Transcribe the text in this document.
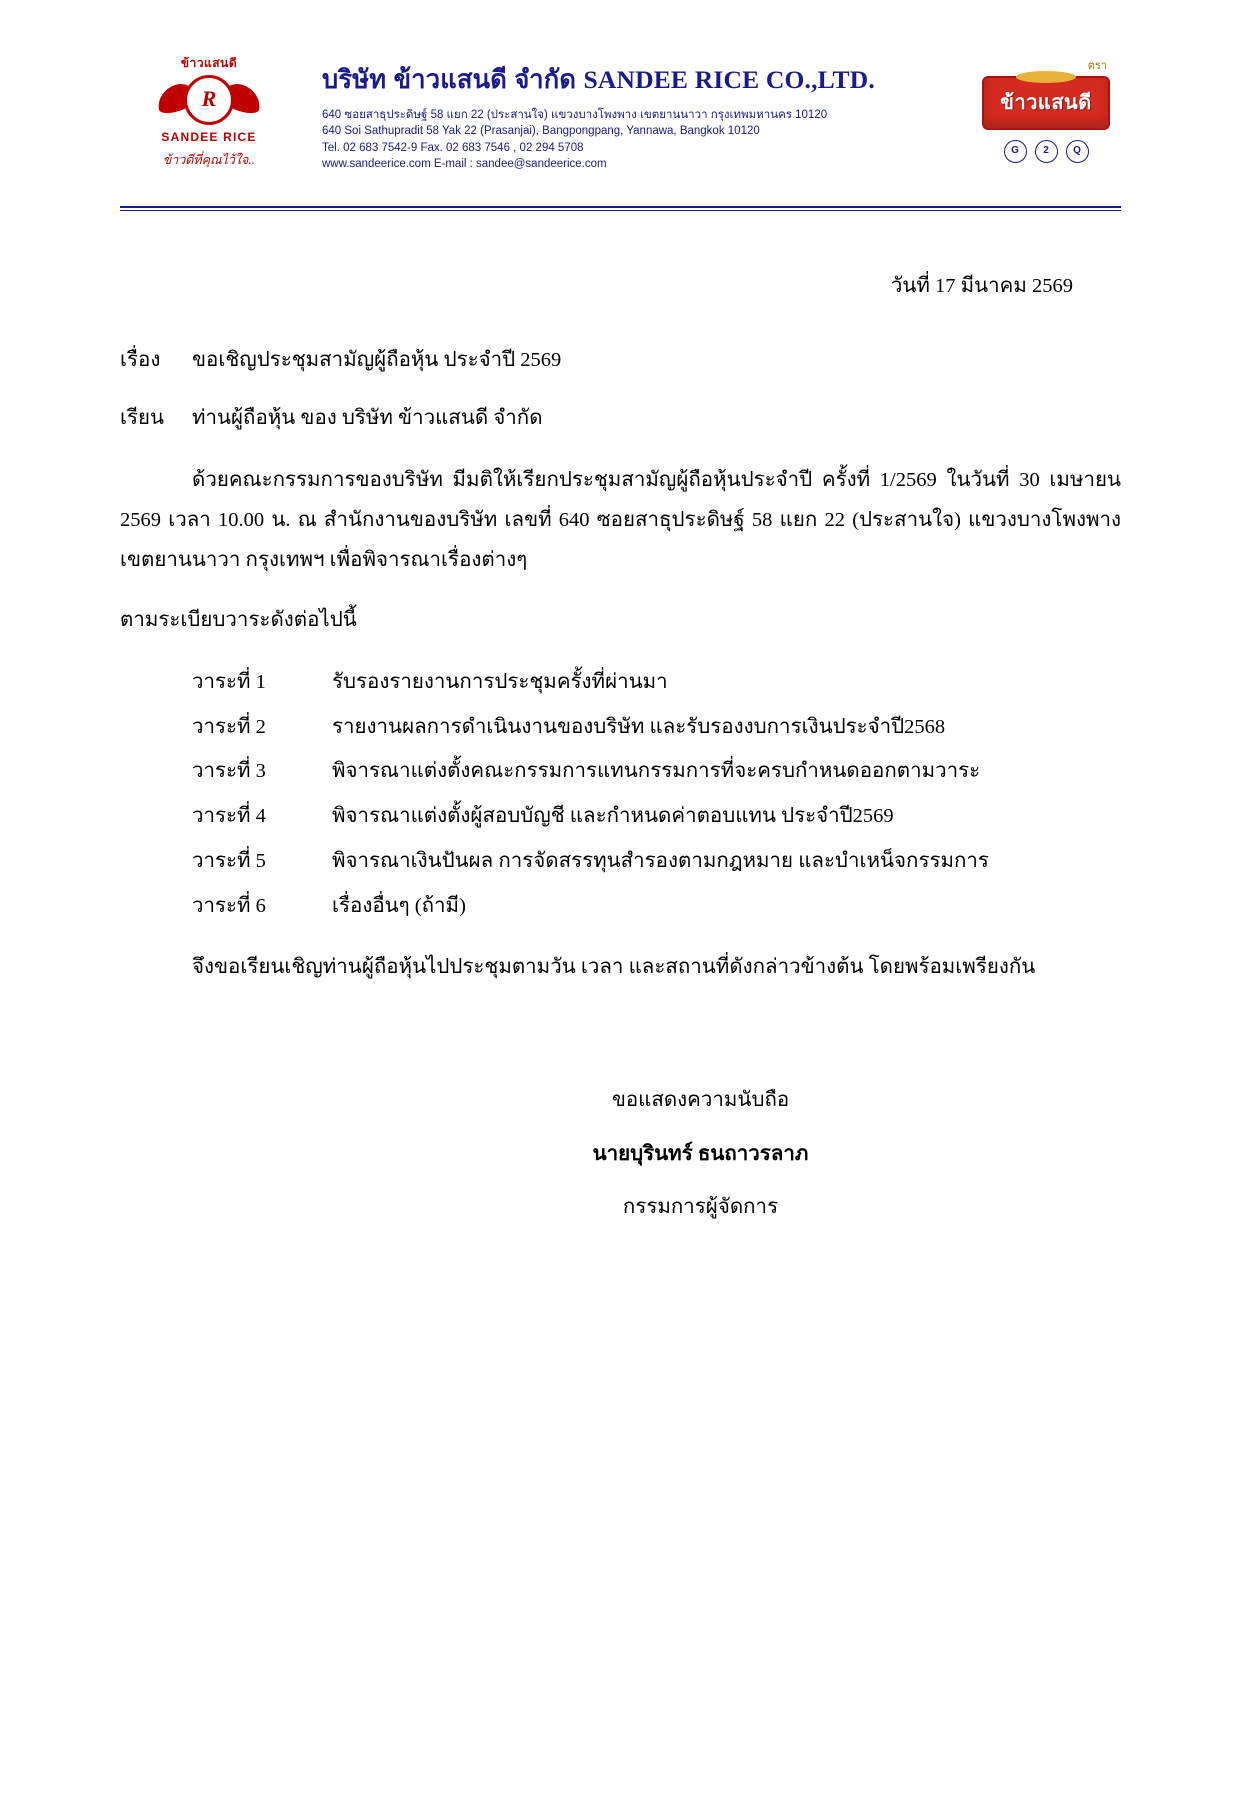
ข้าวแสนดี
R
SANDEE RICE
ข้าวดีที่คุณไว้ใจ..
บริษัท ข้าวแสนดี จำกัด SANDEE RICE CO.,LTD.
640 ซอยสาธุประดิษฐ์ 58 แยก 22 (ประสานใจ) แขวงบางโพงพาง เขตยานนาวา กรุงเทพมหานคร 10120
640 Soi Sathupradit 58 Yak 22 (Prasanjai), Bangpongpang, Yannawa, Bangkok 10120
Tel. 02 683 7542-9 Fax. 02 683 7546 , 02 294 5708
www.sandeerice.com E-mail : sandee@sandeerice.com
ตรา
ข้าวแสนดี
G	2	Q
วันที่ 17 มีนาคม 2569
เรื่อง	ขอเชิญประชุมสามัญผู้ถือหุ้น ประจำปี 2569
เรียน	ท่านผู้ถือหุ้น ของ บริษัท ข้าวแสนดี จำกัด
ด้วยคณะกรรมการของบริษัท มีมติให้เรียกประชุมสามัญผู้ถือหุ้นประจำปี ครั้งที่ 1/2569 ในวันที่ 30 เมษายน 2569 เวลา 10.00 น. ณ สำนักงานของบริษัท เลขที่ 640 ซอยสาธุประดิษฐ์ 58 แยก 22 (ประสานใจ) แขวงบางโพงพาง เขตยานนาวา กรุงเทพฯ เพื่อพิจารณาเรื่องต่างๆ
ตามระเบียบวาระดังต่อไปนี้
วาระที่ 1	รับรองรายงานการประชุมครั้งที่ผ่านมา
วาระที่ 2	รายงานผลการดำเนินงานของบริษัท และรับรองงบการเงินประจำปี2568
วาระที่ 3	พิจารณาแต่งตั้งคณะกรรมการแทนกรรมการที่จะครบกำหนดออกตามวาระ
วาระที่ 4	พิจารณาแต่งตั้งผู้สอบบัญชี และกำหนดค่าตอบแทน ประจำปี2569
วาระที่ 5	พิจารณาเงินปันผล การจัดสรรทุนสำรองตามกฎหมาย และบำเหน็จกรรมการ
วาระที่ 6	เรื่องอื่นๆ (ถ้ามี)
จึงขอเรียนเชิญท่านผู้ถือหุ้นไปประชุมตามวัน เวลา และสถานที่ดังกล่าวข้างต้น โดยพร้อมเพรียงกัน
ขอแสดงความนับถือ
นายบุรินทร์ ธนถาวรลาภ
กรรมการผู้จัดการ
